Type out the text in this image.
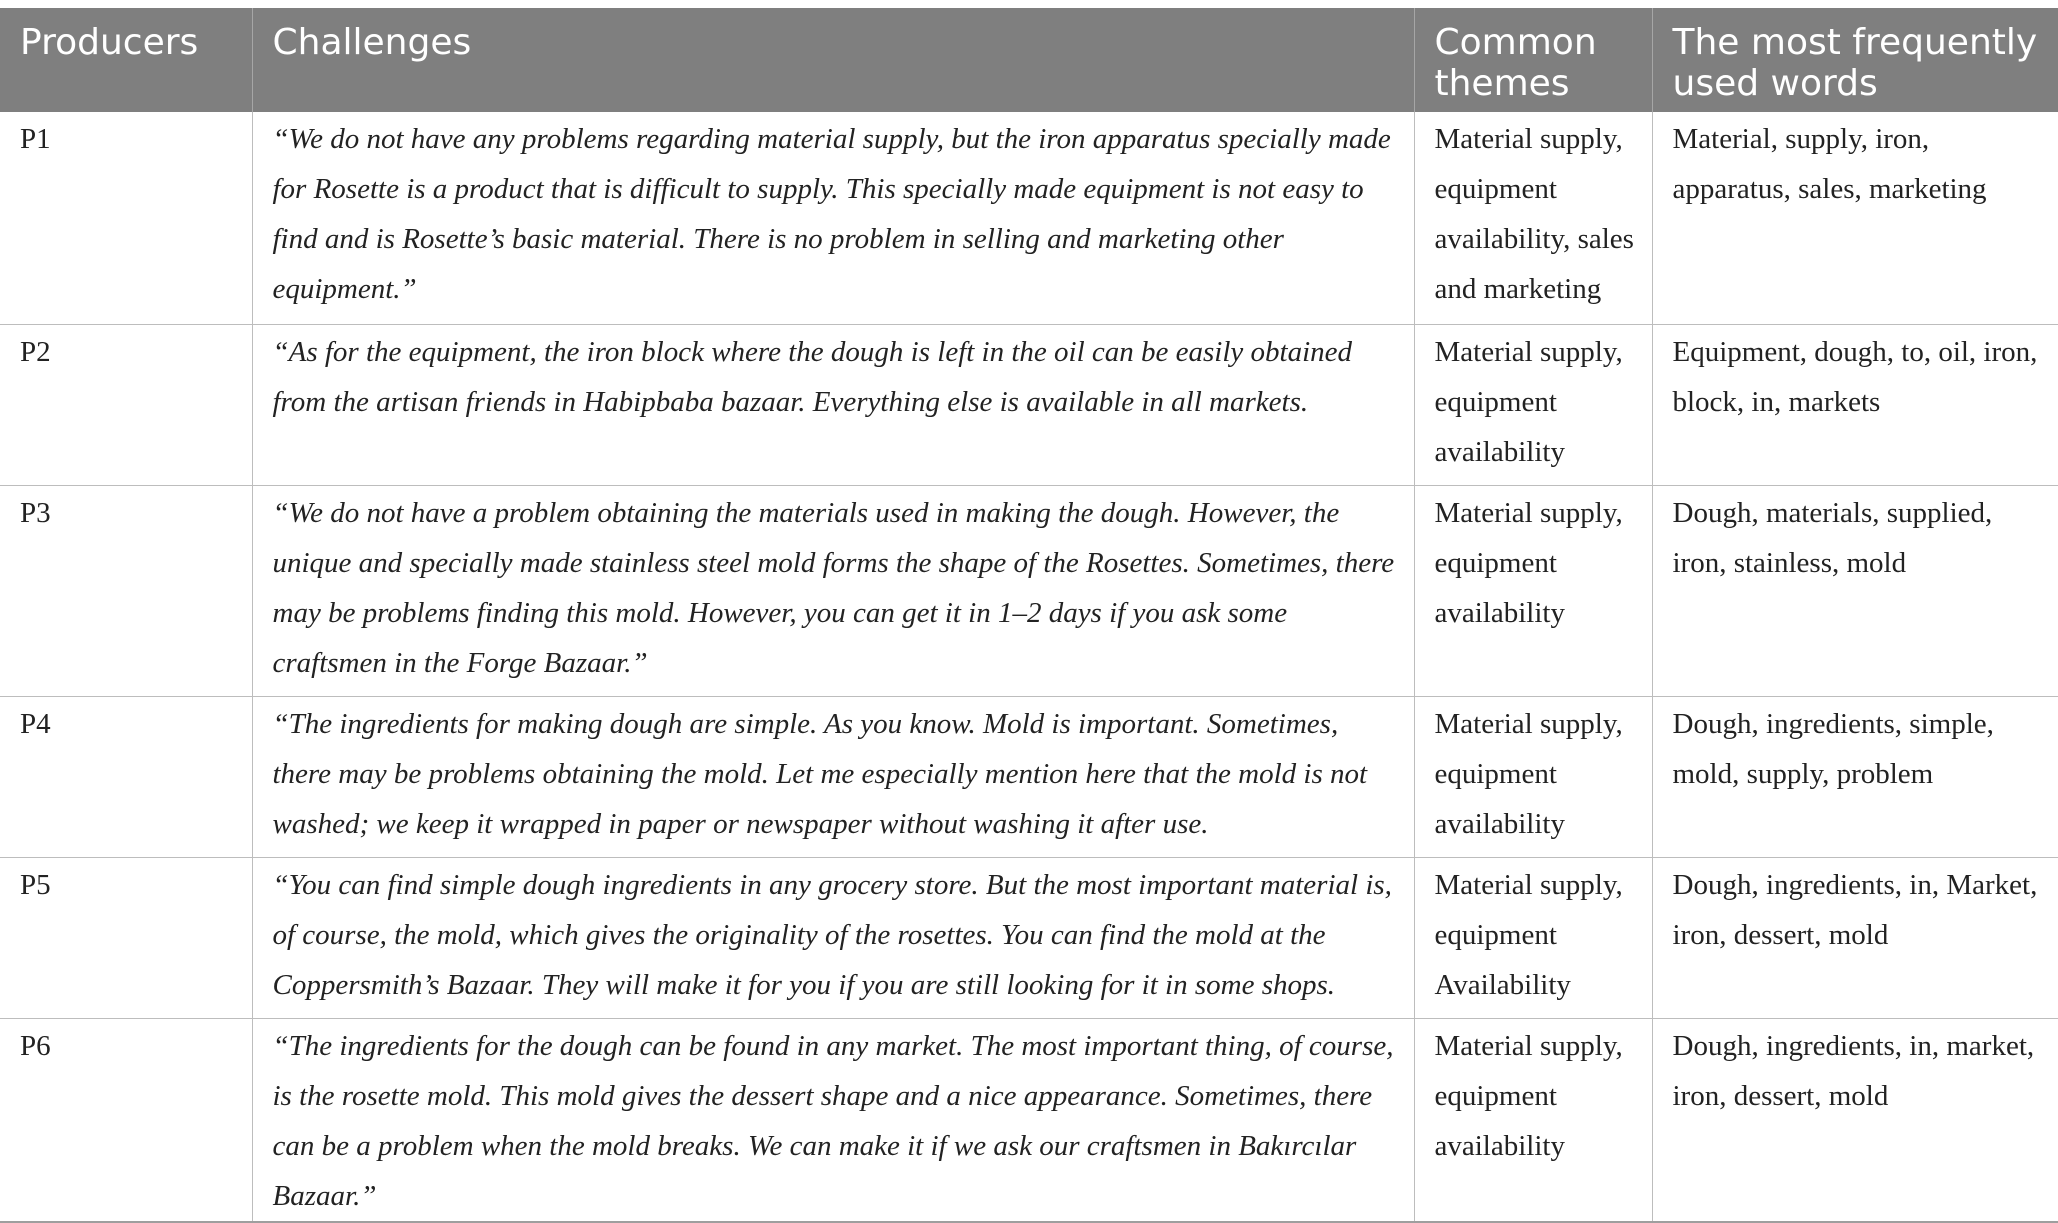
Producers	Challenges	Common themes	The most frequently used words
P1	“We do not have any problems regarding material supply, but the iron apparatus specially made for Rosette is a product that is difficult to supply. This specially made equipment is not easy to find and is Rosette’s basic material. There is no problem in selling and marketing other equipment.”	Material supply, equipment availability, sales and marketing	Material, supply, iron, apparatus, sales, marketing
P2	“As for the equipment, the iron block where the dough is left in the oil can be easily obtained from the artisan friends in Habipbaba bazaar. Everything else is available in all markets.	Material supply, equipment availability	Equipment, dough, to, oil, iron, block, in, markets
P3	“We do not have a problem obtaining the materials used in making the dough. However, the unique and specially made stainless steel mold forms the shape of the Rosettes. Sometimes, there may be problems finding this mold. However, you can get it in 1–2 days if you ask some craftsmen in the Forge Bazaar.”	Material supply, equipment availability	Dough, materials, supplied, iron, stainless, mold
P4	“The ingredients for making dough are simple. As you know. Mold is important. Sometimes, there may be problems obtaining the mold. Let me especially mention here that the mold is not washed; we keep it wrapped in paper or newspaper without washing it after use.	Material supply, equipment availability	Dough, ingredients, simple, mold, supply, problem
P5	“You can find simple dough ingredients in any grocery store. But the most important material is, of course, the mold, which gives the originality of the rosettes. You can find the mold at the Coppersmith’s Bazaar. They will make it for you if you are still looking for it in some shops.	Material supply, equipment Availability	Dough, ingredients, in, Market, iron, dessert, mold
P6	“The ingredients for the dough can be found in any market. The most important thing, of course, is the rosette mold. This mold gives the dessert shape and a nice appearance. Sometimes, there can be a problem when the mold breaks. We can make it if we ask our craftsmen in Bakırcılar Bazaar.”	Material supply, equipment availability	Dough, ingredients, in, market, iron, dessert, mold
